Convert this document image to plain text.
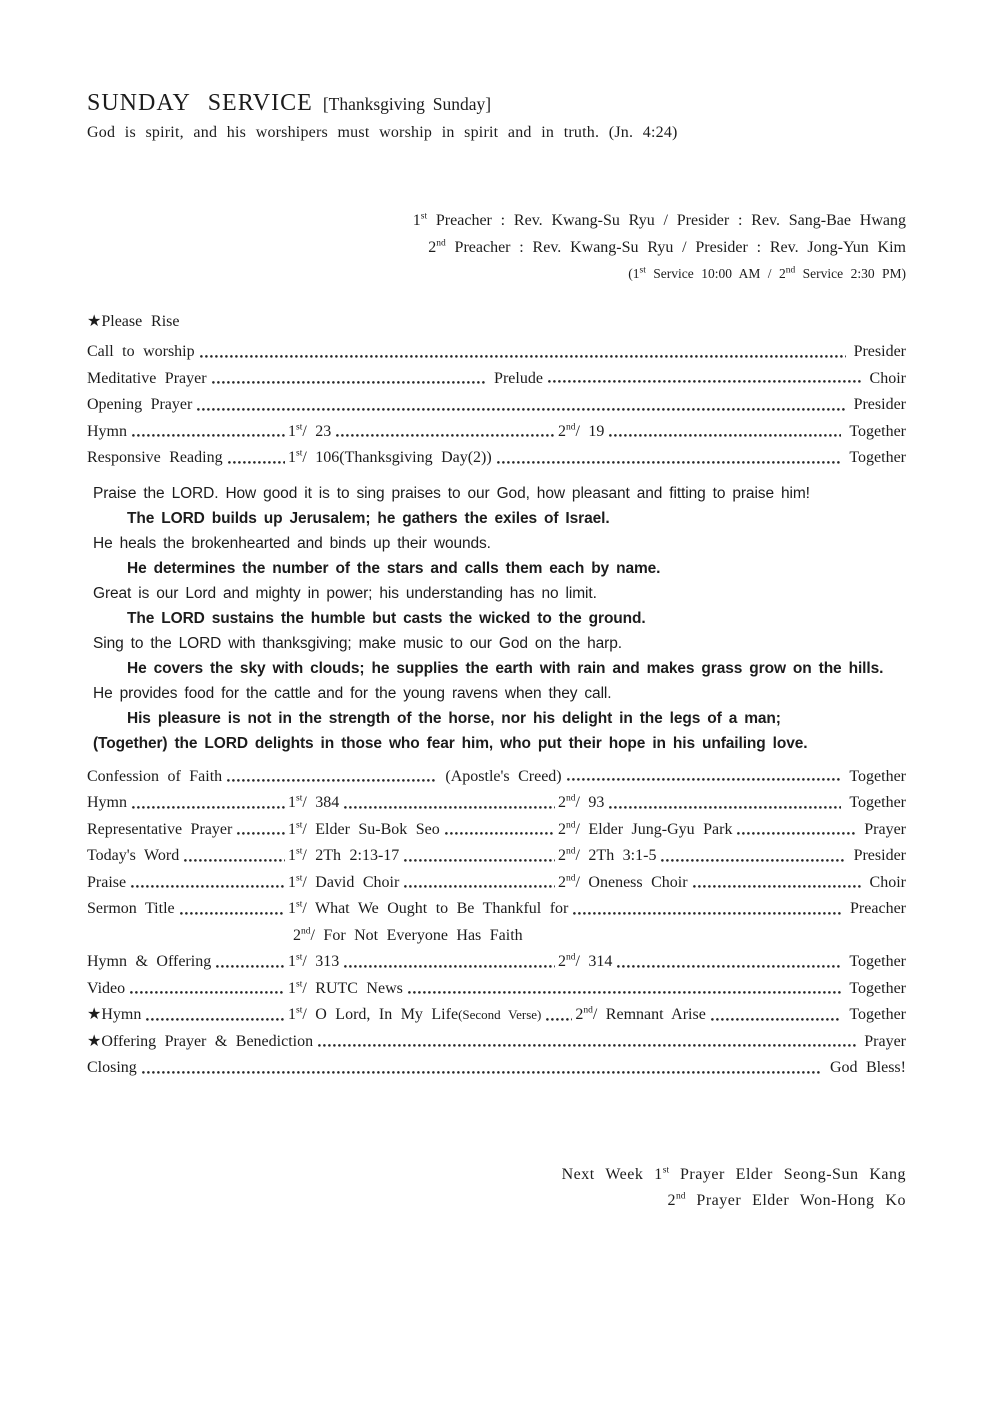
SUNDAY SERVICE [Thanksgiving Sunday]
God is spirit, and his worshipers must worship in spirit and in truth. (Jn. 4:24)
1st Preacher : Rev. Kwang-Su Ryu / Presider : Rev. Sang-Bae Hwang
2nd Preacher : Rev. Kwang-Su Ryu / Presider : Rev. Jong-Yun Kim
(1st Service 10:00 AM / 2nd Service 2:30 PM)
★Please Rise
Call to worship	Presider
Meditative Prayer	Prelude	Choir
Opening Prayer	Presider
Hymn	1st/ 23	2nd/ 19	Together
Responsive Reading	1st/ 106(Thanksgiving Day(2))	Together
Praise the LORD. How good it is to sing praises to our God, how pleasant and fitting to praise him!
The LORD builds up Jerusalem; he gathers the exiles of Israel.
He heals the brokenhearted and binds up their wounds.
He determines the number of the stars and calls them each by name.
Great is our Lord and mighty in power; his understanding has no limit.
The LORD sustains the humble but casts the wicked to the ground.
Sing to the LORD with thanksgiving; make music to our God on the harp.
He covers the sky with clouds; he supplies the earth with rain and makes grass grow on the hills.
He provides food for the cattle and for the young ravens when they call.
His pleasure is not in the strength of the horse, nor his delight in the legs of a man;
(Together) the LORD delights in those who fear him, who put their hope in his unfailing love.
Confession of Faith	(Apostle's Creed)	Together
Hymn	1st/ 384	2nd/ 93	Together
Representative Prayer	1st/ Elder Su-Bok Seo	2nd/ Elder Jung-Gyu Park	Prayer
Today's Word	1st/ 2Th 2:13-17	2nd/ 2Th 3:1-5	Presider
Praise	1st/ David Choir	2nd/ Oneness Choir	Choir
Sermon Title	1st/ What We Ought to Be Thankful for	Preacher
2nd/ For Not Everyone Has Faith
Hymn & Offering	1st/ 313	2nd/ 314	Together
Video	1st/ RUTC News	Together
★Hymn	1st/ O Lord, In My Life(Second Verse) 2nd/ Remnant Arise	Together
★Offering Prayer & Benediction	Prayer
Closing	God Bless!
Next Week 1st Prayer Elder Seong-Sun Kang
2nd Prayer Elder Won-Hong Ko
